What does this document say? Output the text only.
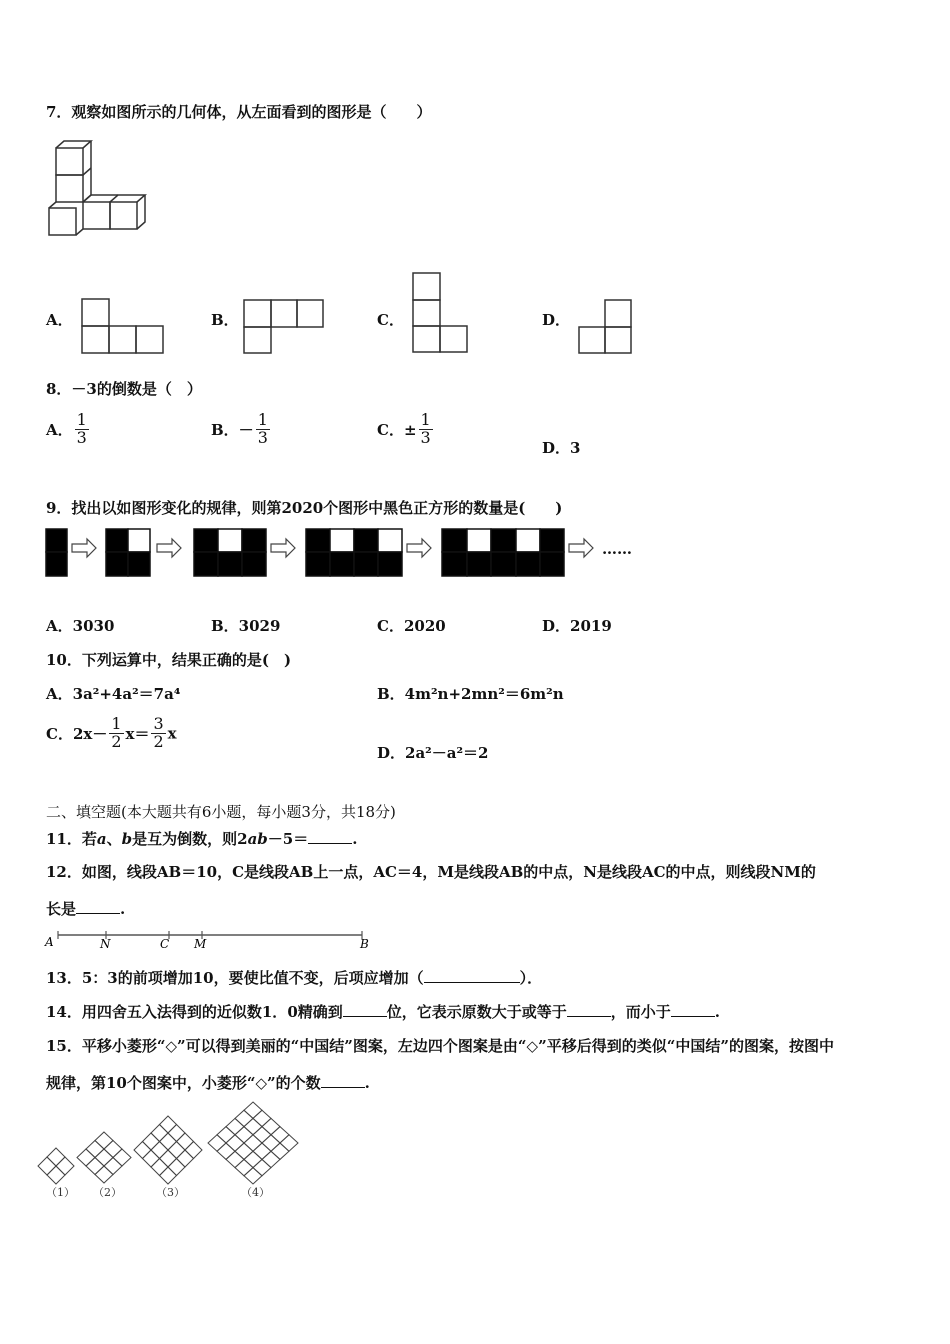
7．观察如图所示的几何体，从左面看到的图形是（　　）
A．	B．	C．	D．
8．－3的倒数是（　）
A． $\frac{1}{3}$	B．－ $\frac{1}{3}$	C．± $\frac{1}{3}$
D．3
9．找出以如图形变化的规律，则第2020个图形中黑色正方形的数量是(　　)
……
A．3030	B．3029	C．2020	D．2019
10．下列运算中，结果正确的是(　)
A．3a²+4a²＝7a⁴	B．4m²n+2mn²＝6m²n
C．$2x- \frac{1}{2} x= \frac{3}{2}$ x
D．2a²－a²＝2
二、填空题(本大题共有6小题，每小题3分，共18分)
11．若a、b是互为倒数，则2ab－5＝	.
12．如图，线段AB＝10，C是线段AB上一点，AC＝4，M是线段AB的中点，N是线段AC的中点，则线段NM的
长是	.
A	N	C M	B
13．5：3的前项增加10，要使比值不变，后项应增加（	）．
14．用四舍五入法得到的近似数1．0精确到	位，它表示原数大于或等于	，而小于	.
15．平移小菱形“◇”可以得到美丽的“中国结”图案，左边四个图案是由“◇”平移后得到的类似“中国结”的图案，按图中
规律，第10个图案中，小菱形“◇”的个数	.
（1） （2）	（3）	（4）
